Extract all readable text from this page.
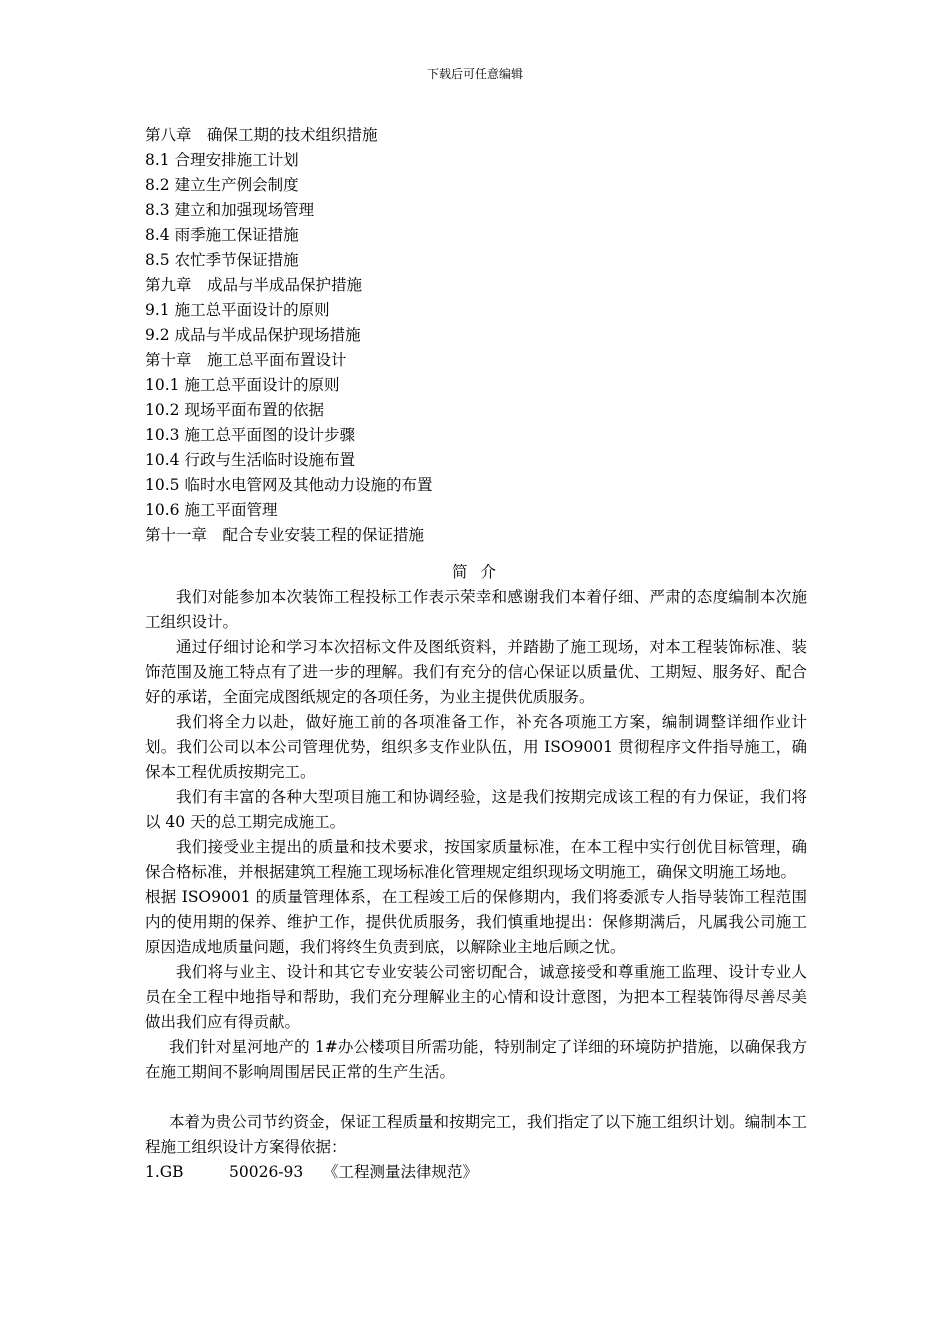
下载后可任意编辑
第八章　确保工期的技术组织措施
8.1 合理安排施工计划
8.2 建立生产例会制度
8.3 建立和加强现场管理
8.4 雨季施工保证措施
8.5 农忙季节保证措施
第九章　成品与半成品保护措施
9.1 施工总平面设计的原则
9.2 成品与半成品保护现场措施
第十章　施工总平面布置设计
10.1 施工总平面设计的原则
10.2 现场平面布置的依据
10.3 施工总平面图的设计步骤
10.4 行政与生活临时设施布置
10.5 临时水电管网及其他动力设施的布置
10.6 施工平面管理
第十一章　配合专业安装工程的保证措施
简 介
我们对能参加本次装饰工程投标工作表示荣幸和感谢我们本着仔细、严肃的态度编制本次施工组织设计。
通过仔细讨论和学习本次招标文件及图纸资料，并踏勘了施工现场，对本工程装饰标准、装饰范围及施工特点有了进一步的理解。我们有充分的信心保证以质量优、工期短、服务好、配合好的承诺，全面完成图纸规定的各项任务，为业主提供优质服务。
我们将全力以赴，做好施工前的各项准备工作，补充各项施工方案，编制调整详细作业计划。我们公司以本公司管理优势，组织多支作业队伍，用 ISO9001 贯彻程序文件指导施工，确保本工程优质按期完工。
我们有丰富的各种大型项目施工和协调经验，这是我们按期完成该工程的有力保证，我们将以 40 天的总工期完成施工。
我们接受业主提出的质量和技术要求，按国家质量标准，在本工程中实行创优目标管理，确保合格标准，并根据建筑工程施工现场标准化管理规定组织现场文明施工，确保文明施工场地。
根据 ISO9001 的质量管理体系，在工程竣工后的保修期内，我们将委派专人指导装饰工程范围内的使用期的保养、维护工作，提供优质服务，我们慎重地提出：保修期满后，凡属我公司施工原因造成地质量问题，我们将终生负责到底，以解除业主地后顾之忧。
我们将与业主、设计和其它专业安装公司密切配合，诚意接受和尊重施工监理、设计专业人员在全工程中地指导和帮助，我们充分理解业主的心情和设计意图，为把本工程装饰得尽善尽美做出我们应有得贡献。
我们针对星河地产的 1#办公楼项目所需功能，特别制定了详细的环境防护措施，以确保我方在施工期间不影响周围居民正常的生产生活。
本着为贵公司节约资金，保证工程质量和按期完工，我们指定了以下施工组织计划。编制本工程施工组织设计方案得依据：
1.GB	50026-93	《工程测量法律规范》
